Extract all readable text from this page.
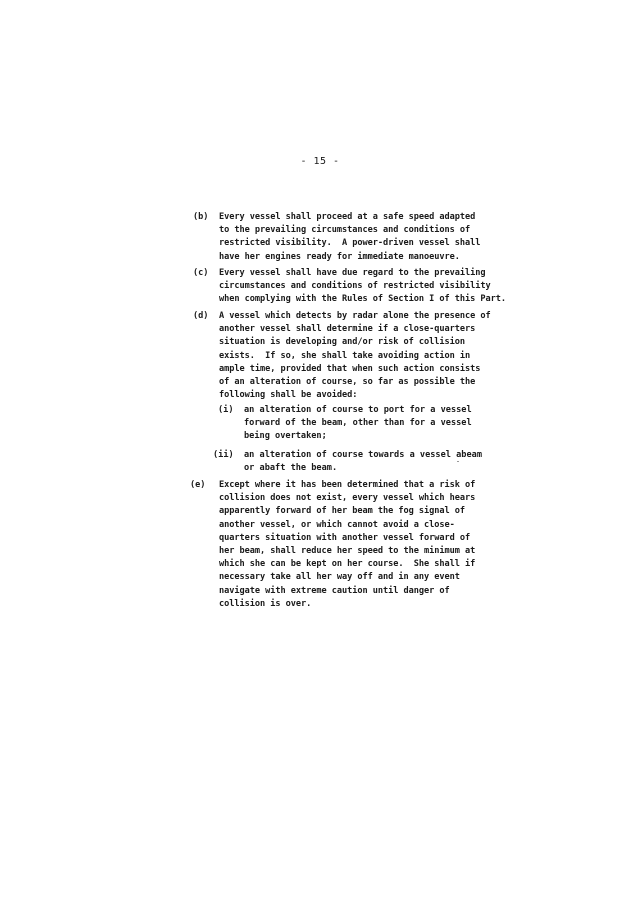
- 15 -
(b) Every vessel shall proceed at a safe speed adapted
to the prevailing circumstances and conditions of
restricted visibility.  A power-driven vessel shall
have her engines ready for immediate manoeuvre.
(c) Every vessel shall have due regard to the prevailing
circumstances and conditions of restricted visibility
when complying with the Rules of Section I of this Part.
(d) A vessel which detects by radar alone the presence of
another vessel shall determine if a close-quarters
situation is developing and/or risk of collision
exists.  If so, she shall take avoiding action in
ample time, provided that when such action consists
of an alteration of course, so far as possible the
following shall be avoided:
(i)	an alteration of course to port for a vessel
forward of the beam, other than for a vessel
being overtaken;
(ii)	an alteration of course towards a vessel abeam
or abaft the beam.
(e) Except where it has been determined that a risk of
collision does not exist, every vessel which hears
apparently forward of her beam the fog signal of
another vessel, or which cannot avoid a close-
quarters situation with another vessel forward of
her beam, shall reduce her speed to the minimum at
which she can be kept on her course.  She shall if
necessary take all her way off and in any event
navigate with extreme caution until danger of
collision is over.
